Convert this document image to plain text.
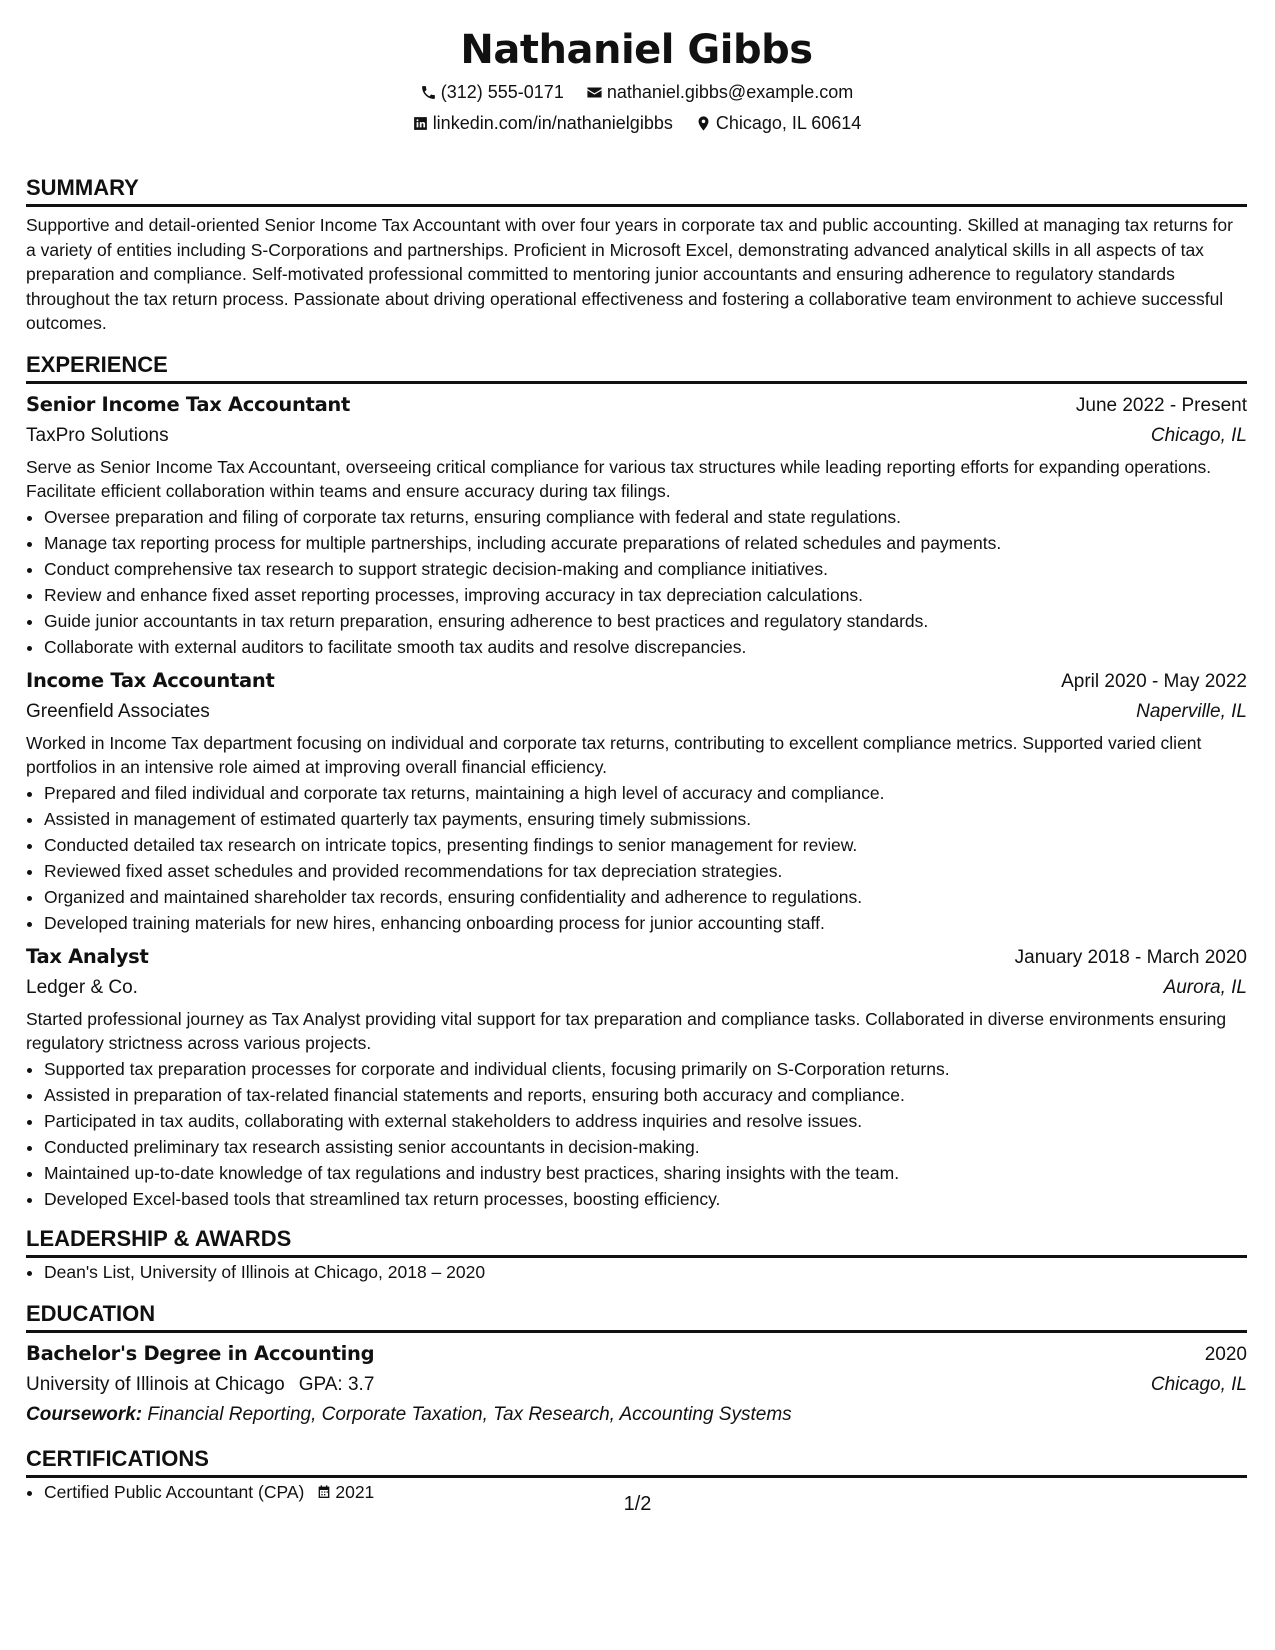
Nathaniel Gibbs
(312) 555-0171 nathaniel.gibbs@example.com
linkedin.com/in/nathanielgibbs Chicago, IL 60614
SUMMARY
Supportive and detail-oriented Senior Income Tax Accountant with over four years in corporate tax and public accounting. Skilled at managing tax returns for a variety of entities including S-Corporations and partnerships. Proficient in Microsoft Excel, demonstrating advanced analytical skills in all aspects of tax preparation and compliance. Self-motivated professional committed to mentoring junior accountants and ensuring adherence to regulatory standards throughout the tax return process. Passionate about driving operational effectiveness and fostering a collaborative team environment to achieve successful outcomes.
EXPERIENCE
Senior Income Tax Accountant	June 2022 - Present
TaxPro Solutions	Chicago, IL
Serve as Senior Income Tax Accountant, overseeing critical compliance for various tax structures while leading reporting efforts for expanding operations. Facilitate efficient collaboration within teams and ensure accuracy during tax filings.
• Oversee preparation and filing of corporate tax returns, ensuring compliance with federal and state regulations.
• Manage tax reporting process for multiple partnerships, including accurate preparations of related schedules and payments.
• Conduct comprehensive tax research to support strategic decision-making and compliance initiatives.
• Review and enhance fixed asset reporting processes, improving accuracy in tax depreciation calculations.
• Guide junior accountants in tax return preparation, ensuring adherence to best practices and regulatory standards.
• Collaborate with external auditors to facilitate smooth tax audits and resolve discrepancies.
Income Tax Accountant	April 2020 - May 2022
Greenfield Associates	Naperville, IL
Worked in Income Tax department focusing on individual and corporate tax returns, contributing to excellent compliance metrics. Supported varied client portfolios in an intensive role aimed at improving overall financial efficiency.
• Prepared and filed individual and corporate tax returns, maintaining a high level of accuracy and compliance.
• Assisted in management of estimated quarterly tax payments, ensuring timely submissions.
• Conducted detailed tax research on intricate topics, presenting findings to senior management for review.
• Reviewed fixed asset schedules and provided recommendations for tax depreciation strategies.
• Organized and maintained shareholder tax records, ensuring confidentiality and adherence to regulations.
• Developed training materials for new hires, enhancing onboarding process for junior accounting staff.
Tax Analyst	January 2018 - March 2020
Ledger & Co.	Aurora, IL
Started professional journey as Tax Analyst providing vital support for tax preparation and compliance tasks. Collaborated in diverse environments ensuring regulatory strictness across various projects.
• Supported tax preparation processes for corporate and individual clients, focusing primarily on S-Corporation returns.
• Assisted in preparation of tax-related financial statements and reports, ensuring both accuracy and compliance.
• Participated in tax audits, collaborating with external stakeholders to address inquiries and resolve issues.
• Conducted preliminary tax research assisting senior accountants in decision-making.
• Maintained up-to-date knowledge of tax regulations and industry best practices, sharing insights with the team.
• Developed Excel-based tools that streamlined tax return processes, boosting efficiency.
LEADERSHIP & AWARDS
• Dean's List, University of Illinois at Chicago, 2018 – 2020
EDUCATION
Bachelor's Degree in Accounting	2020
University of Illinois at Chicago GPA: 3.7	Chicago, IL
Coursework: Financial Reporting, Corporate Taxation, Tax Research, Accounting Systems
CERTIFICATIONS
• Certified Public Accountant (CPA) 2021
1/2
